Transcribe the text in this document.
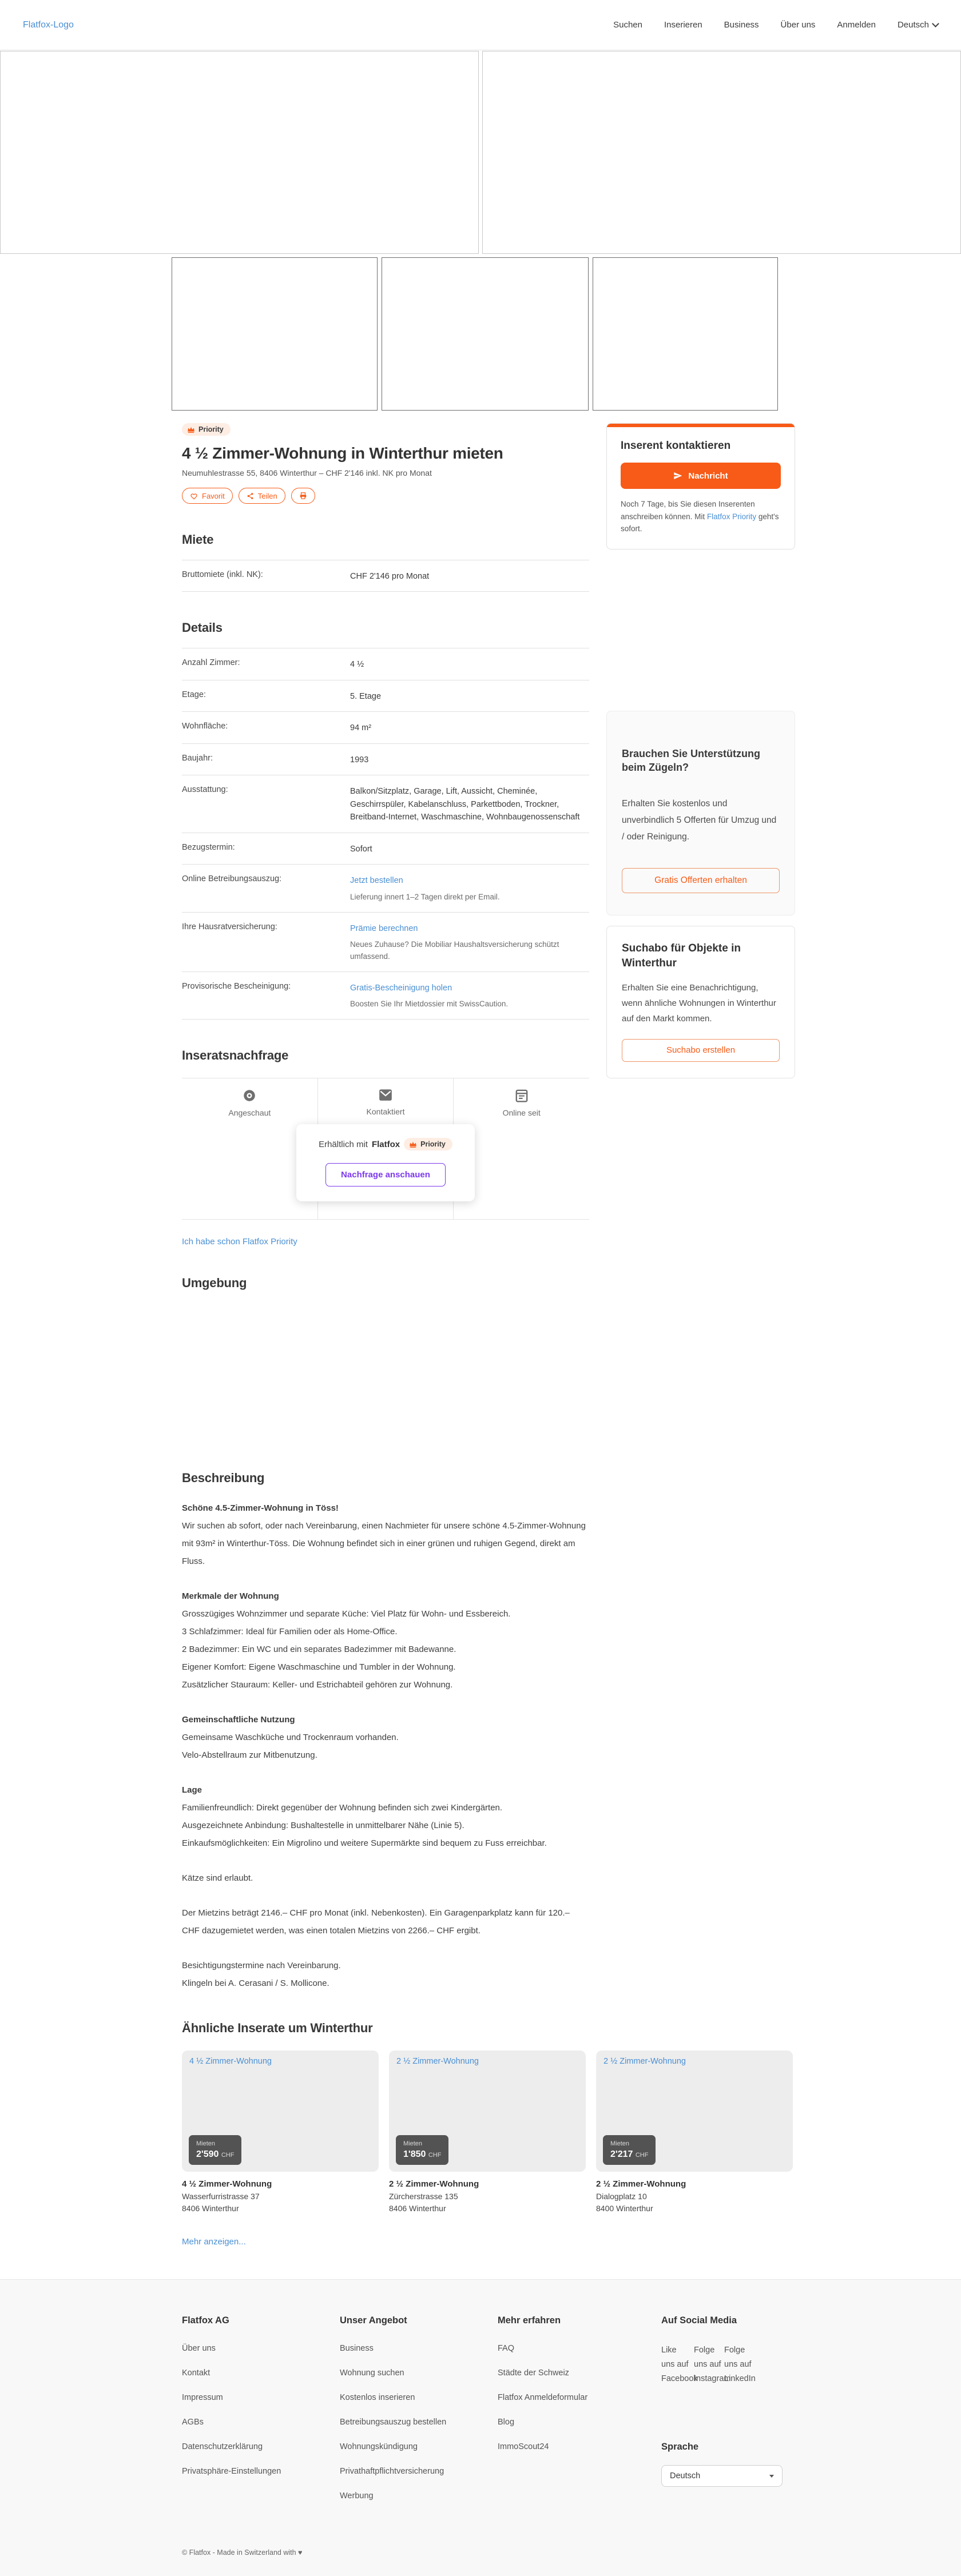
Flatfox-Logo	Suchen	Inserieren	Business	Über uns	Anmelden	Deutsch
Priority
4 ½ Zimmer-Wohnung in Winterthur mieten
Neumuhlestrasse 55, 8406 Winterthur – CHF 2'146 inkl. NK pro Monat
Favorit	Teilen
Miete
Bruttomiete (inkl. NK):	CHF 2'146 pro Monat
Details
Anzahl Zimmer:	4 ½
Etage:	5. Etage
Wohnfläche:	94 m²
Baujahr:	1993
Ausstattung:	Balkon/Sitzplatz, Garage, Lift, Aussicht, Cheminée, Geschirrspüler, Kabelanschluss, Parkettboden, Trockner, Breitband-Internet, Waschmaschine, Wohnbaugenossenschaft
Bezugstermin:	Sofort
Online Betreibungsauszug:	Jetzt bestellen
Lieferung innert 1–2 Tagen direkt per Email.
Ihre Hausratversicherung:	Prämie berechnen
Neues Zuhause? Die Mobiliar Haushaltsversicherung schützt umfassend.
Provisorische Bescheinigung:	Gratis-Bescheinigung holen
Boosten Sie Ihr Mietdossier mit SwissCaution.
Inseratsnachfrage
Angeschaut	Kontaktiert	Online seit
Erhältlich mit Flatfox	Priority
Nachfrage anschauen
Ich habe schon Flatfox Priority
Umgebung
Beschreibung

Schöne 4.5-Zimmer-Wohnung in Töss!

Wir suchen ab sofort, oder nach Vereinbarung, einen Nachmieter für unsere schöne 4.5-Zimmer-Wohnung mit 93m² in Winterthur-Töss. Die Wohnung befindet sich in einer grünen und ruhigen Gegend, direkt am Fluss.

Merkmale der Wohnung

Grosszügiges Wohnzimmer und separate Küche: Viel Platz für Wohn- und Essbereich.

3 Schlafzimmer: Ideal für Familien oder als Home-Office.

2 Badezimmer: Ein WC und ein separates Badezimmer mit Badewanne.

Eigener Komfort: Eigene Waschmaschine und Tumbler in der Wohnung.

Zusätzlicher Stauraum: Keller- und Estrichabteil gehören zur Wohnung.

Gemeinschaftliche Nutzung

Gemeinsame Waschküche und Trockenraum vorhanden.

Velo-Abstellraum zur Mitbenutzung.

Lage

Familienfreundlich: Direkt gegenüber der Wohnung befinden sich zwei Kindergärten.

Ausgezeichnete Anbindung: Bushaltestelle in unmittelbarer Nähe (Linie 5).

Einkaufsmöglichkeiten: Ein Migrolino und weitere Supermärkte sind bequem zu Fuss erreichbar.

Kätze sind erlaubt.

Der Mietzins beträgt 2146.– CHF pro Monat (inkl. Nebenkosten). Ein Garagenparkplatz kann für 120.– CHF dazugemietet werden, was einen totalen Mietzins von 2266.– CHF ergibt.

Besichtigungstermine nach Vereinbarung.

Klingeln bei A. Cerasani / S. Mollicone.

Ähnliche Inserate um Winterthur
4 ½ Zimmer-Wohnung
Mieten
2'590 CHF
4 ½ Zimmer-Wohnung
Wasserfurristrasse 37
8406 Winterthur
2 ½ Zimmer-Wohnung
Mieten
1'850 CHF
2 ½ Zimmer-Wohnung
Zürcherstrasse 135
8406 Winterthur
2 ½ Zimmer-Wohnung
Mieten
2'217 CHF
2 ½ Zimmer-Wohnung
Dialogplatz 10
8400 Winterthur
Mehr anzeigen...
Inserent kontaktieren
Nachricht
Noch 7 Tage, bis Sie diesen Inserenten anschreiben können. Mit Flatfox Priority geht's sofort.
Brauchen Sie Unterstützung beim Zügeln?
Erhalten Sie kostenlos und unverbindlich 5 Offerten für Umzug und / oder Reinigung.
Gratis Offerten erhalten
Suchabo für Objekte in Winterthur
Erhalten Sie eine Benachrichtigung, wenn ähnliche Wohnungen in Winterthur auf den Markt kommen.
Suchabo erstellen
Flatfox AG
Über uns
Kontakt
Impressum
AGBs
Datenschutzerklärung
Privatsphäre-Einstellungen
Unser Angebot
Business
Wohnung suchen
Kostenlos inserieren
Betreibungsauszug bestellen
Wohnungskündigung
Privathaftpflichtversicherung
Werbung
Mehr erfahren
FAQ
Städte der Schweiz
Flatfox Anmeldeformular
Blog
ImmoScout24
Auf Social Media
Like uns auf Facebook
Folge uns auf Instagram
Folge uns auf LinkedIn
Sprache
Deutsch
© Flatfox - Made in Switzerland with ♥
